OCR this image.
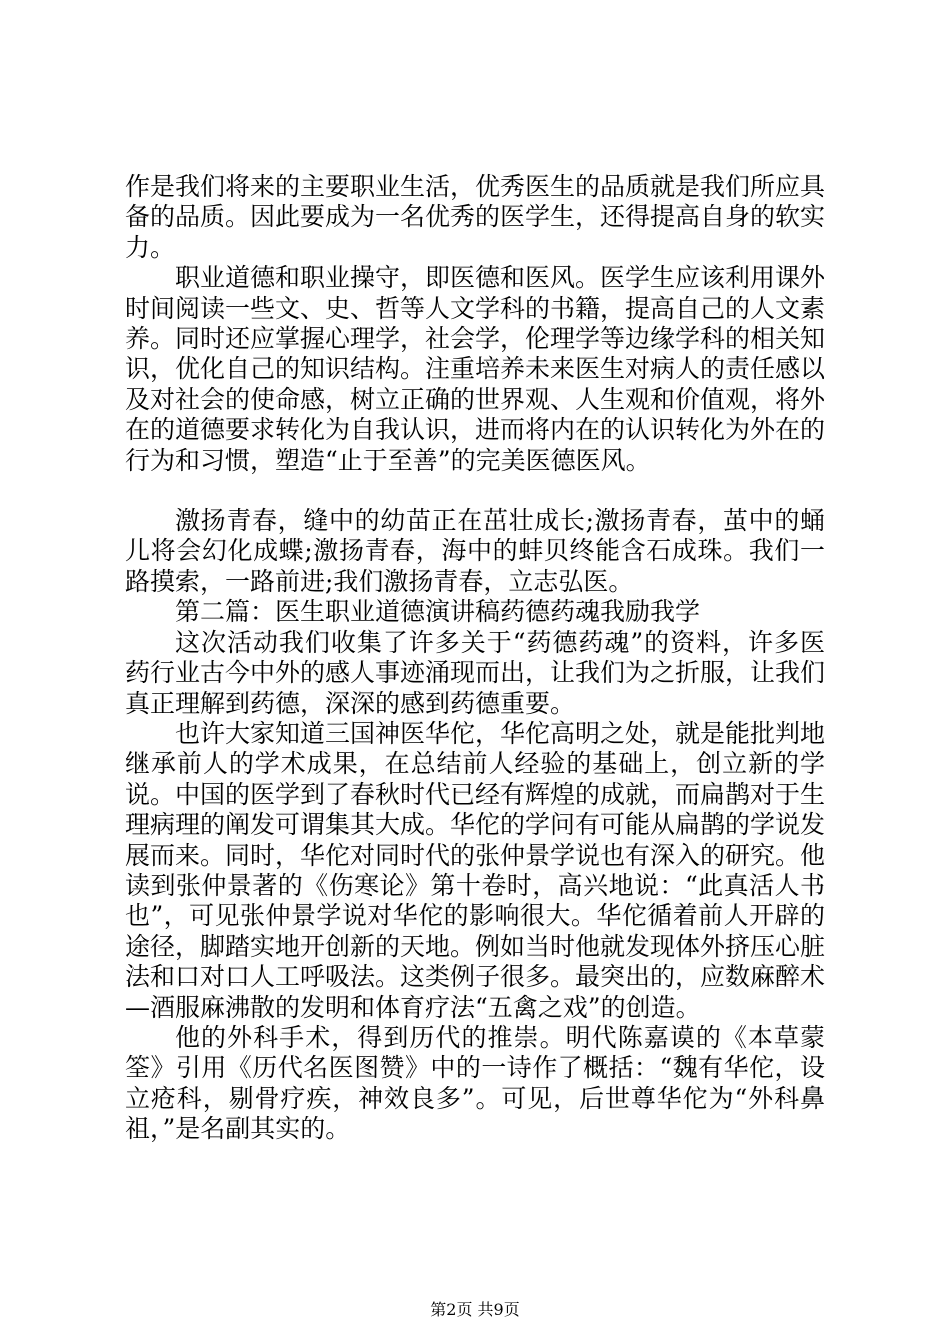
作是我们将来的主要职业生活，优秀医生的品质就是我们所应具备的品质。因此要成为一名优秀的医学生，还得提高自身的软实力。

职业道德和职业操守，即医德和医风。医学生应该利用课外时间阅读一些文、史、哲等人文学科的书籍，提高自己的人文素养。同时还应掌握心理学，社会学，伦理学等边缘学科的相关知识，优化自己的知识结构。注重培养未来医生对病人的责任感以及对社会的使命感，树立正确的世界观、人生观和价值观，将外在的道德要求转化为自我认识，进而将内在的认识转化为外在的行为和习惯，塑造“止于至善”的完美医德医风。

激扬青春，缝中的幼苗正在茁壮成长;激扬青春，茧中的蛹儿将会幻化成蝶;激扬青春，海中的蚌贝终能含石成珠。我们一路摸索，一路前进;我们激扬青春，立志弘医。

第二篇：医生职业道德演讲稿药德药魂我励我学

这次活动我们收集了许多关于“药德药魂”的资料，许多医药行业古今中外的感人事迹涌现而出，让我们为之折服，让我们真正理解到药德，深深的感到药德重要。

也许大家知道三国神医华佗，华佗高明之处，就是能批判地继承前人的学术成果，在总结前人经验的基础上，创立新的学说。中国的医学到了春秋时代已经有辉煌的成就，而扁鹊对于生理病理的阐发可谓集其大成。华佗的学问有可能从扁鹊的学说发展而来。同时，华佗对同时代的张仲景学说也有深入的研究。他读到张仲景著的《伤寒论》第十卷时，高兴地说：“此真活人书也”，可见张仲景学说对华佗的影响很大。华佗循着前人开辟的途径，脚踏实地开创新的天地。例如当时他就发现体外挤压心脏法和口对口人工呼吸法。这类例子很多。最突出的，应数麻醉术—酒服麻沸散的发明和体育疗法“五禽之戏”的创造。

他的外科手术，得到历代的推崇。明代陈嘉谟的《本草蒙筌》引用《历代名医图赞》中的一诗作了概括：“魏有华佗，设立疮科，剔骨疗疾，神效良多”。可见，后世尊华佗为“外科鼻祖，”是名副其实的。

第2页 共9页
